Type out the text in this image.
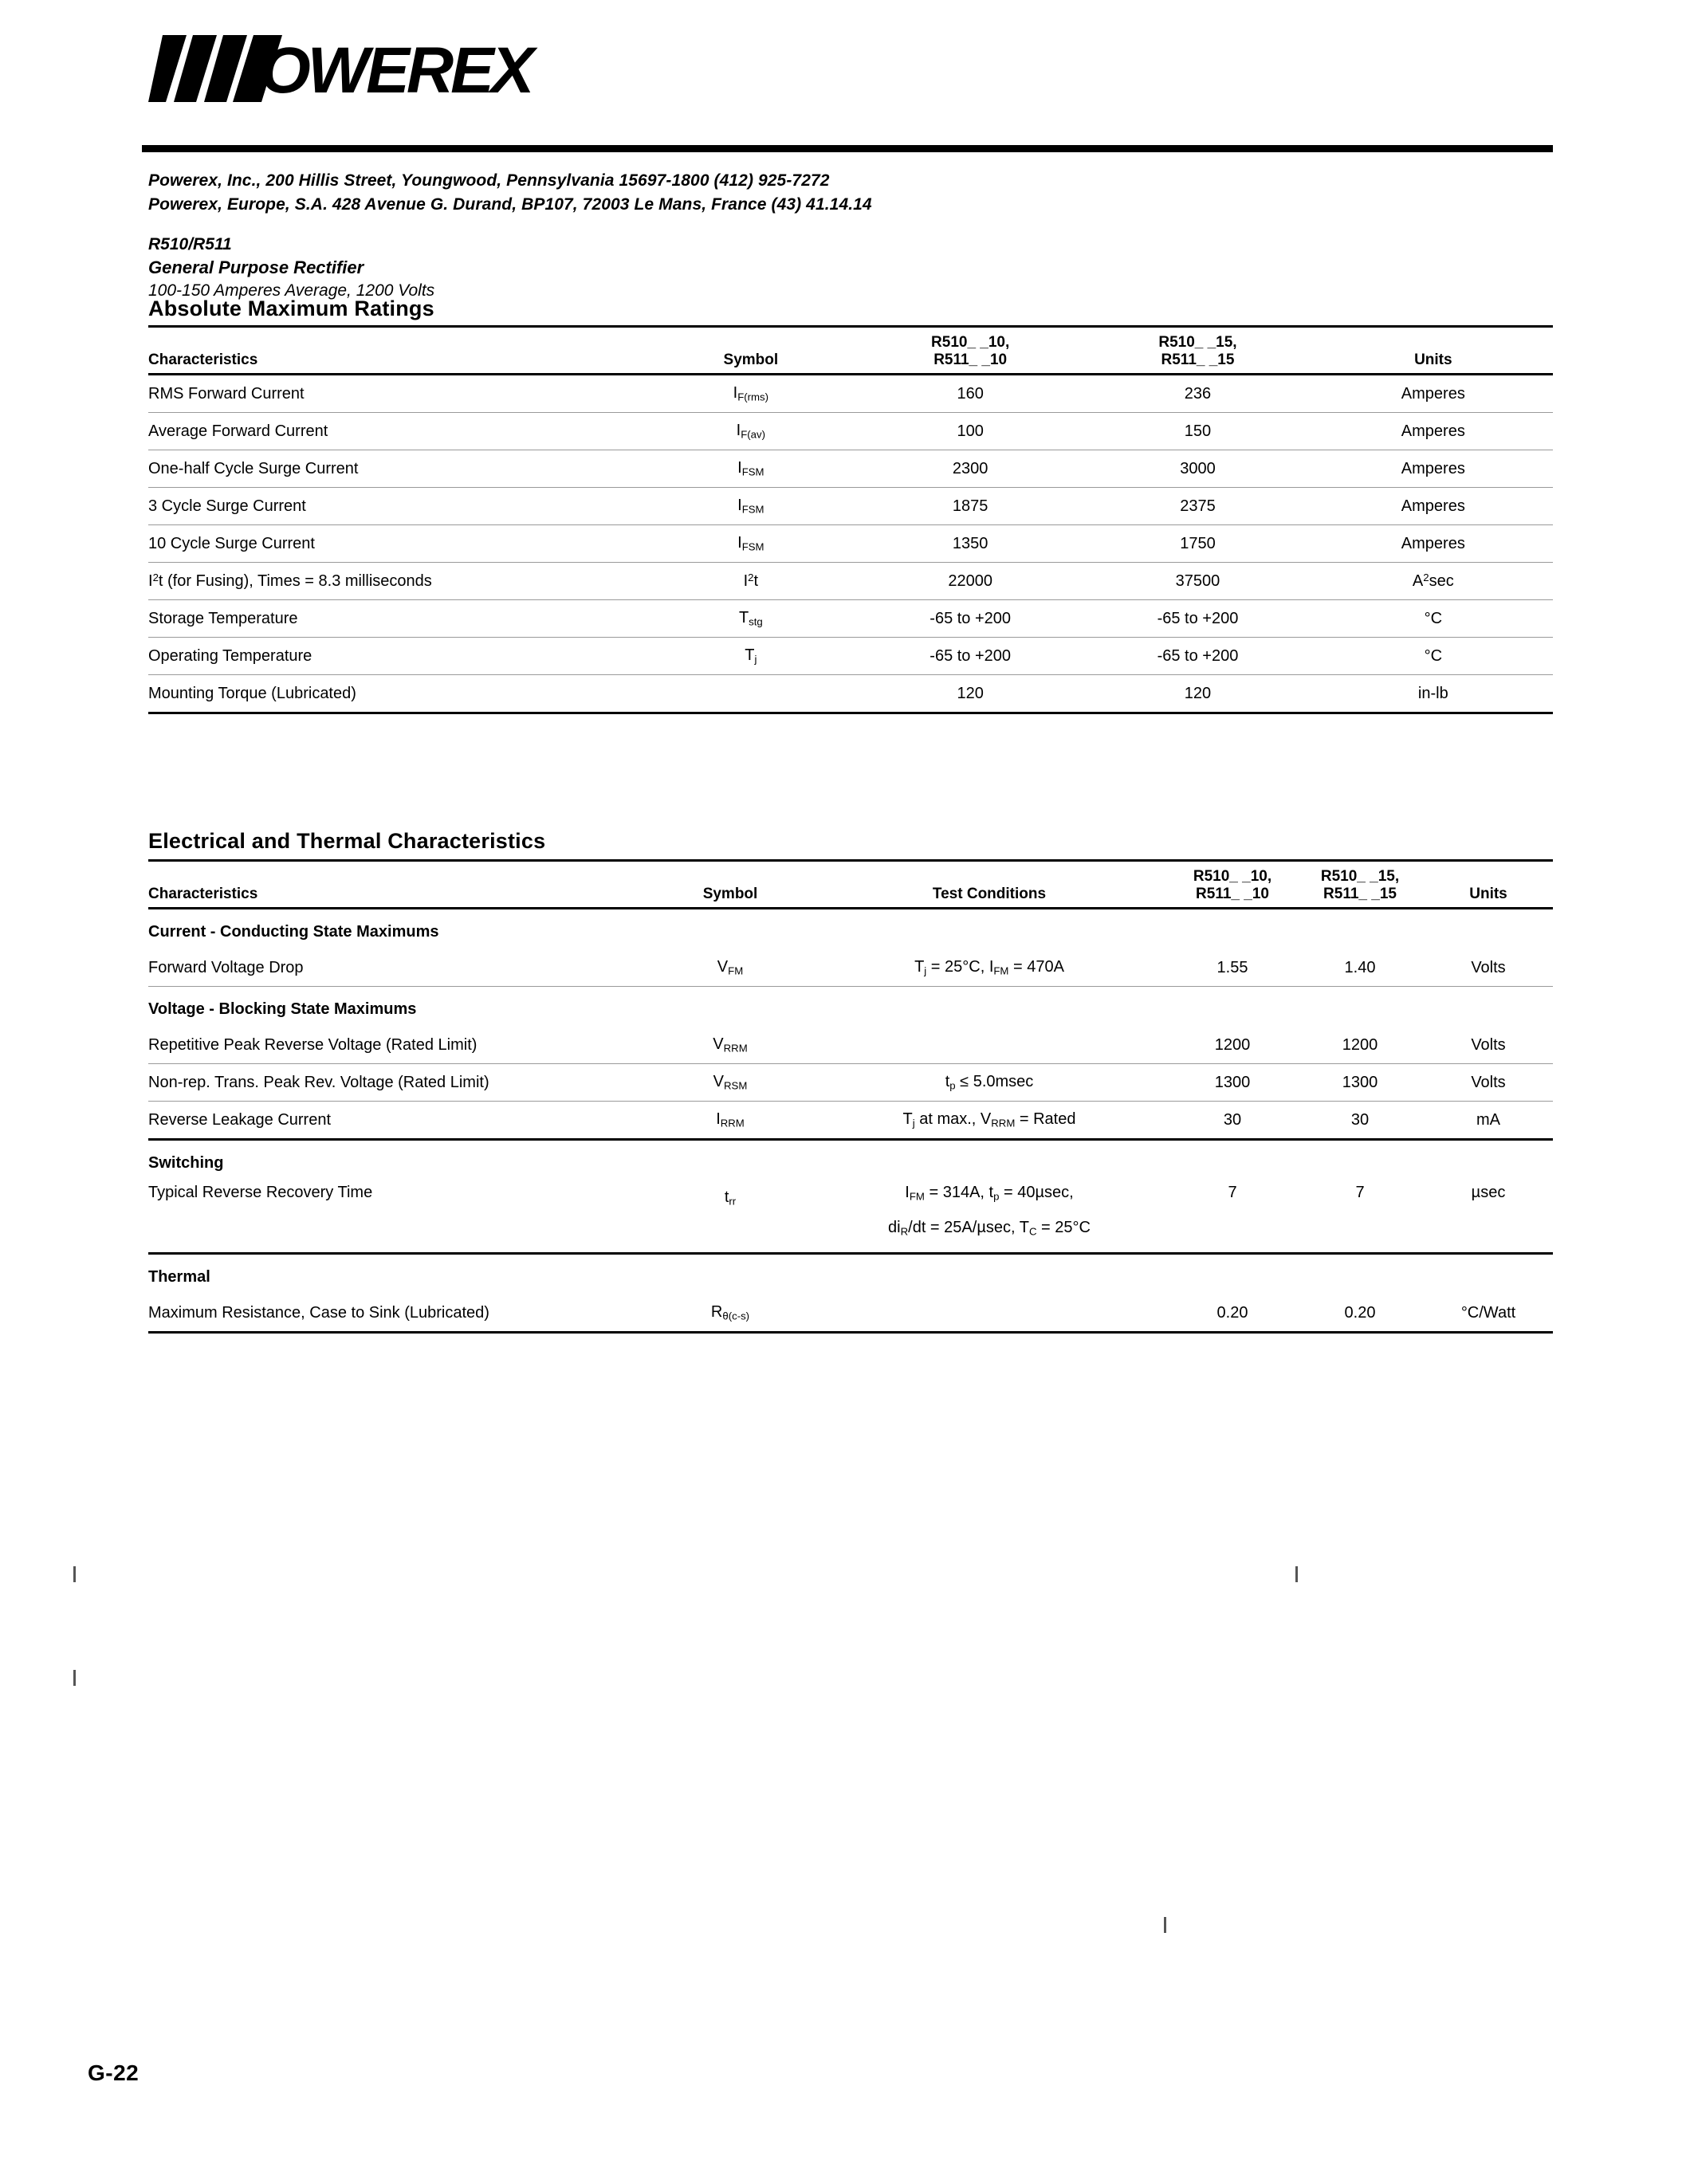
OWEREX
Powerex, Inc., 200 Hillis Street, Youngwood, Pennsylvania 15697-1800 (412) 925-7272
Powerex, Europe, S.A. 428 Avenue G. Durand, BP107, 72003 Le Mans, France (43) 41.14.14
R510/R511
General Purpose Rectifier
100-150 Amperes Average, 1200 Volts
Absolute Maximum Ratings
		R510_ _10,	R510_ _15,	
Characteristics	Symbol	R511_ _10	R511_ _15	Units
RMS Forward Current	$I_{F(rms)}$	160	236	Amperes
Average Forward Current	$I_{F(av)}$	100	150	Amperes
One-half Cycle Surge Current	$I_{FSM}$	2300	3000	Amperes
3 Cycle Surge Current	$I_{FSM}$	1875	2375	Amperes
10 Cycle Surge Current	$I_{FSM}$	1350	1750	Amperes
$I^2t$ (for Fusing), Times = 8.3 milliseconds	$I^2t$	22000	37500	$A^2\sec$
Storage Temperature	$T_{stg}$	-65 to +200	-65 to +200	°C
Operating Temperature	$T_j$	-65 to +200	-65 to +200	°C
Mounting Torque (Lubricated)		120	120	in-lb
Electrical and Thermal Characteristics
			R510_ _10,	R510_ _15,	
Characteristics	Symbol	Test Conditions	R511_ _10	R511_ _15	Units
Current - Conducting State Maximums					
Forward Voltage Drop	$V_{FM}$	$T_j = 25^\circ C$, $I_{FM} = 470A$	1.55	1.40	Volts
Voltage - Blocking State Maximums					
Repetitive Peak Reverse Voltage (Rated Limit)	$V_{RRM}$		1200	1200	Volts
Non-rep. Trans. Peak Rev. Voltage (Rated Limit)	$V_{RSM}$	$t_p \le 5.0msec$	1300	1300	Volts
Reverse Leakage Current	$I_{RRM}$	$T_j$ at max., $V_{RRM}$ = Rated	30	30	mA
Switching					
Typical Reverse Recovery Time	$t_{rr}$	$I_{FM} = 314A$, $t_p = 40\mu\sec$,	7	7	µsec
		$di_R/dt = 25A/\mu\sec$, $T_C = 25^\circ C$			
Thermal					
Maximum Resistance, Case to Sink (Lubricated)	$R_{\theta(c-s)}$		0.20	0.20	°C/Watt
G-22
